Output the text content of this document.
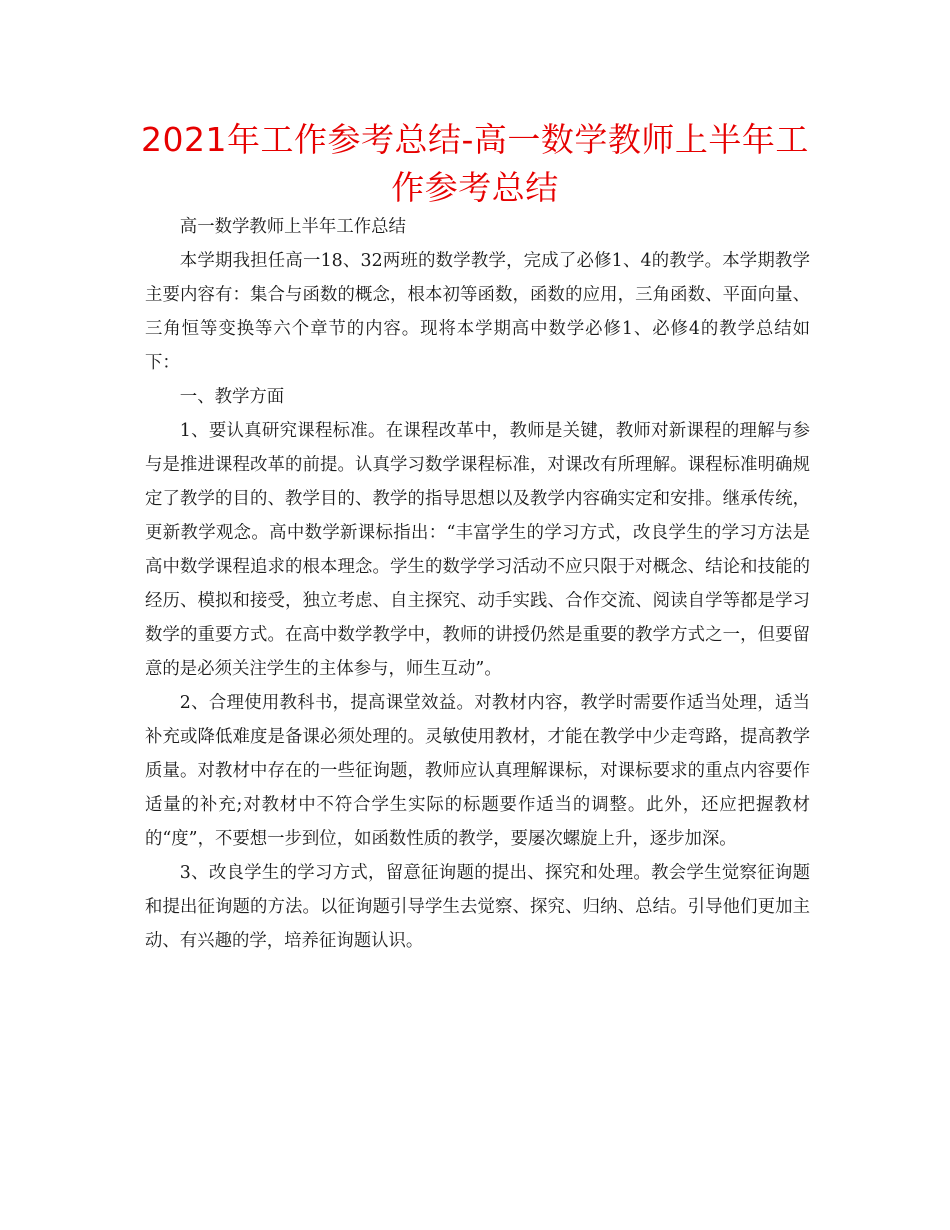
2021年工作参考总结-高一数学教师上半年工作参考总结

高一数学教师上半年工作总结

本学期我担任高一18、32两班的数学教学，完成了必修1、4的教学。本学期教学主要内容有：集合与函数的概念，根本初等函数，函数的应用，三角函数、平面向量、三角恒等变换等六个章节的内容。现将本学期高中数学必修1、必修4的教学总结如下：

一、教学方面

1、要认真研究课程标准。在课程改革中，教师是关键，教师对新课程的理解与参与是推进课程改革的前提。认真学习数学课程标准，对课改有所理解。课程标准明确规定了教学的目的、教学目的、教学的指导思想以及教学内容确实定和安排。继承传统，更新教学观念。高中数学新课标指出：“丰富学生的学习方式，改良学生的学习方法是高中数学课程追求的根本理念。学生的数学学习活动不应只限于对概念、结论和技能的经历、模拟和接受，独立考虑、自主探究、动手实践、合作交流、阅读自学等都是学习数学的重要方式。在高中数学教学中，教师的讲授仍然是重要的教学方式之一，但要留意的是必须关注学生的主体参与，师生互动”。

2、合理使用教科书，提高课堂效益。对教材内容，教学时需要作适当处理，适当补充或降低难度是备课必须处理的。灵敏使用教材，才能在教学中少走弯路，提高教学质量。对教材中存在的一些征询题，教师应认真理解课标，对课标要求的重点内容要作适量的补充;对教材中不符合学生实际的标题要作适当的调整。此外，还应把握教材的“度”，不要想一步到位，如函数性质的教学，要屡次螺旋上升，逐步加深。

3、改良学生的学习方式，留意征询题的提出、探究和处理。教会学生觉察征询题和提出征询题的方法。以征询题引导学生去觉察、探究、归纳、总结。引导他们更加主动、有兴趣的学，培养征询题认识。
